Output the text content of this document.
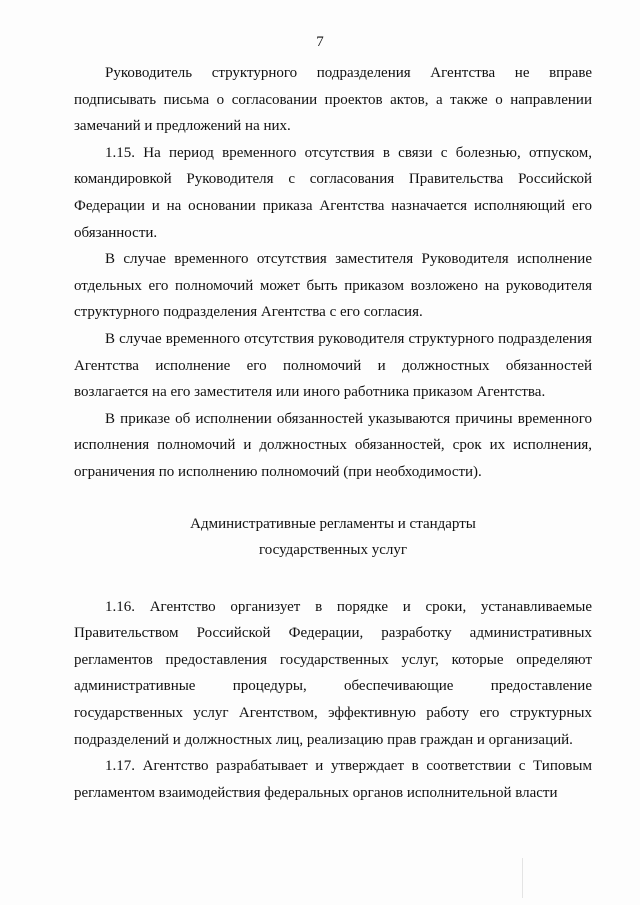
7

Руководитель структурного подразделения Агентства не вправе подписывать письма о согласовании проектов актов, а также о направлении замечаний и предложений на них.

1.15. На период временного отсутствия в связи с болезнью, отпуском, командировкой Руководителя с согласования Правительства Российской Федерации и на основании приказа Агентства назначается исполняющий его обязанности.

В случае временного отсутствия заместителя Руководителя исполнение отдельных его полномочий может быть приказом возложено на руководителя структурного подразделения Агентства с его согласия.

В случае временного отсутствия руководителя структурного подразделения Агентства исполнение его полномочий и должностных обязанностей возлагается на его заместителя или иного работника приказом Агентства.

В приказе об исполнении обязанностей указываются причины временного исполнения полномочий и должностных обязанностей, срок их исполнения, ограничения по исполнению полномочий (при необходимости).

Административные регламенты и стандарты
государственных услуг

1.16. Агентство организует в порядке и сроки, устанавливаемые Правительством Российской Федерации, разработку административных регламентов предоставления государственных услуг, которые определяют административные процедуры, обеспечивающие предоставление государственных услуг Агентством, эффективную работу его структурных подразделений и должностных лиц, реализацию прав граждан и организаций.

1.17. Агентство разрабатывает и утверждает в соответствии с Типовым регламентом взаимодействия федеральных органов исполнительной власти
